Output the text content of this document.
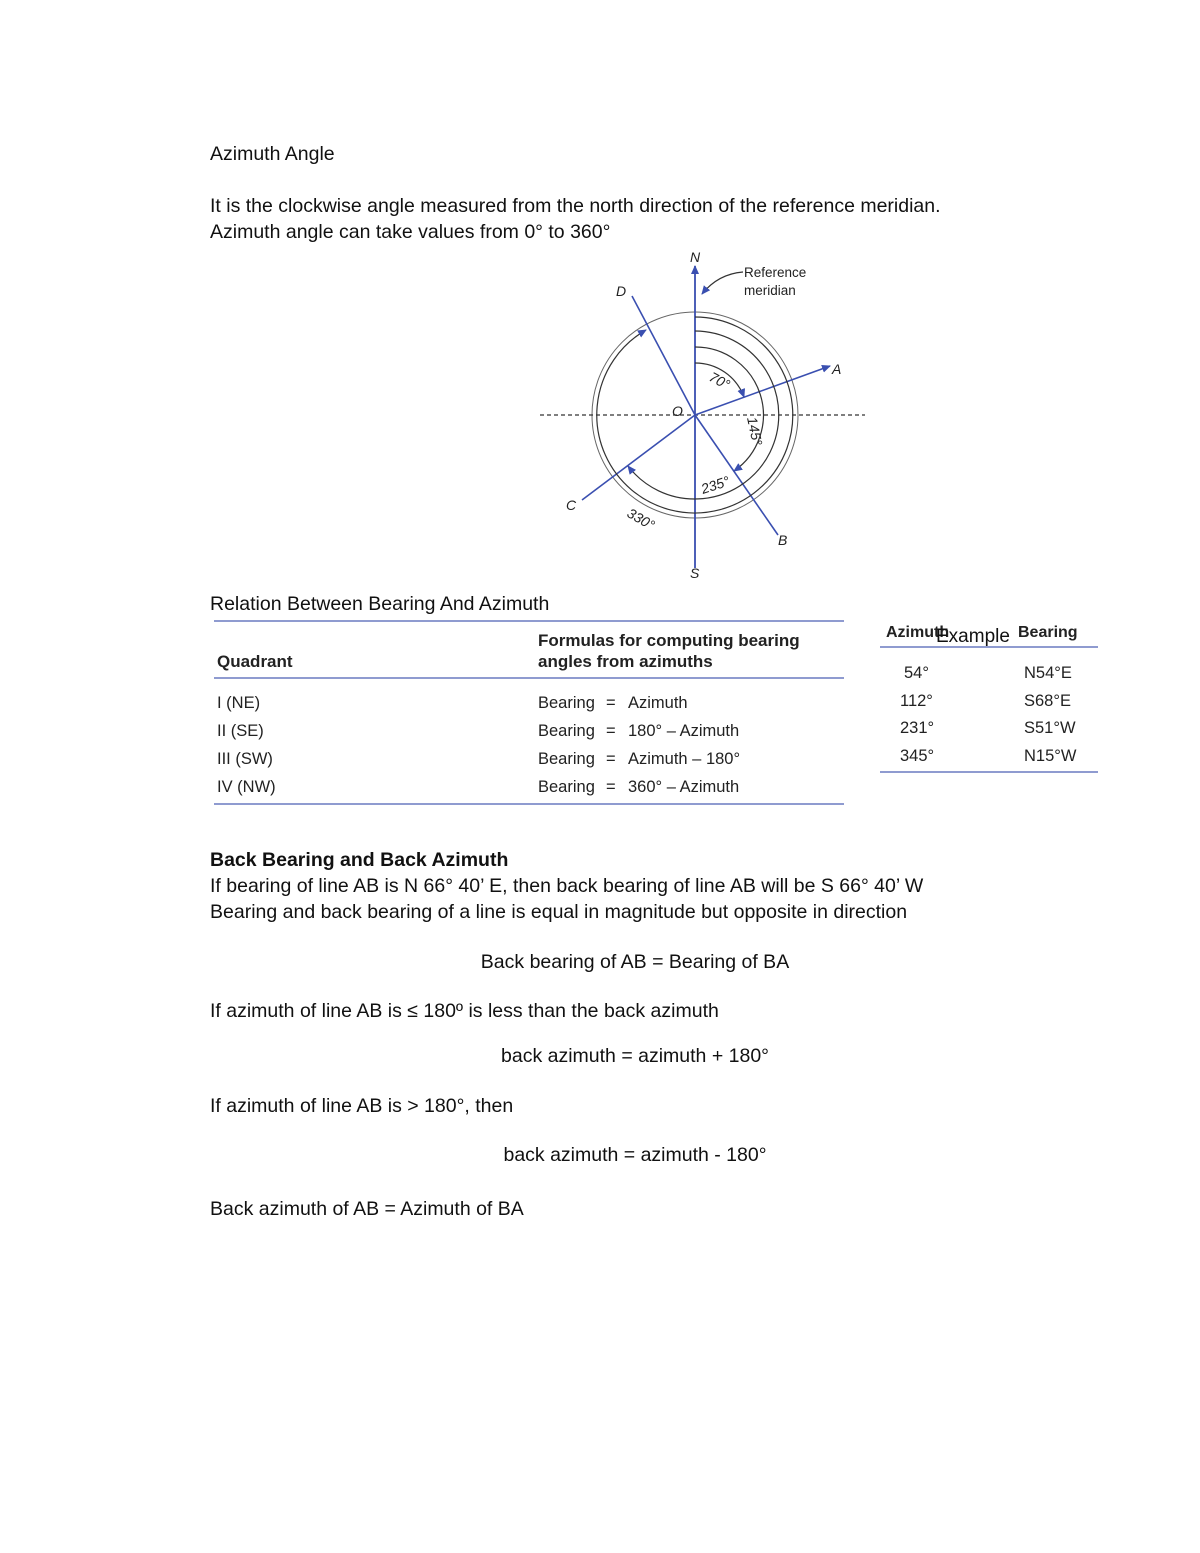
Azimuth Angle

It is the clockwise angle measured from the north direction of the reference meridian.

Azimuth angle can take values from 0° to 360°

N
S
A
B
C
D
O
Reference
meridian
70°
145°
235°
330°

Relation Between Bearing And Azimuth

Quadrant
Formulas for computing bearing
angles from azimuths
I (NE)	Bearing = Azimuth
II (SE)	Bearing = 180° – Azimuth
III (SW)	Bearing = Azimuth – 180°
IV (NW)	Bearing = 360° – Azimuth
Azimuth
Example Bearing
54°	N54°E
112°	S68°E
231°	S51°W
345°	N15°W

Back Bearing and Back Azimuth

If bearing of line AB is N 66° 40’ E, then back bearing of line AB will be S 66° 40’ W

Bearing and back bearing of a line is equal in magnitude but opposite in direction

Back bearing of AB = Bearing of BA

If azimuth of line AB is ≤ 180º is less than the back azimuth

back azimuth = azimuth + 180°

If azimuth of line AB is > 180°, then

back azimuth = azimuth - 180°

Back azimuth of AB = Azimuth of BA
